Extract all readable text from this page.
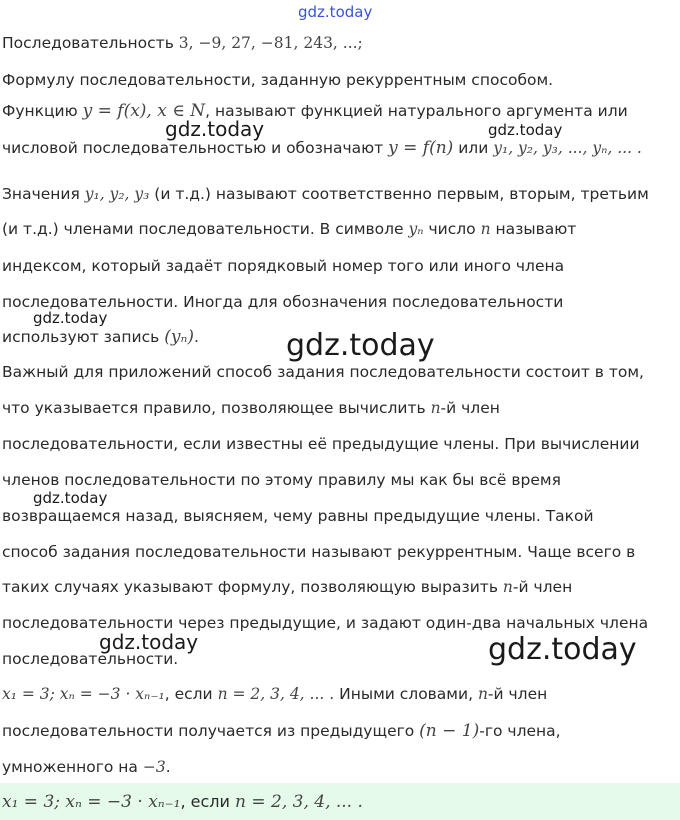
gdz.today
Последовательность 3, −9, 27, −81, 243, ...;
Формулу последовательности, заданную рекуррентным способом.
Функцию y = f(x), x ∈ N, называют функцией натурального аргумента или
gdz.today	gdz.today
числовой последовательностью и обозначают y = f(n) или y₁, y₂, y₃, ..., yₙ, ... .
Значения y₁, y₂, y₃ (и т.д.) называют соответственно первым, вторым, третьим
(и т.д.) членами последовательности. В символе yₙ число n называют
индексом, который задаёт порядковый номер того или иного члена
последовательности. Иногда для обозначения последовательности
gdz.today
используют запись (yₙ).	gdz.today
Важный для приложений способ задания последовательности состоит в том,
что указывается правило, позволяющее вычислить n-й член
последовательности, если известны её предыдущие члены. При вычислении
членов последовательности по этому правилу мы как бы всё время
gdz.today
возвращаемся назад, выясняем, чему равны предыдущие члены. Такой
способ задания последовательности называют рекуррентным. Чаще всего в
таких случаях указывают формулу, позволяющую выразить n-й член
последовательности через предыдущие, и задают один-два начальных члена
gdz.today	gdz.today
последовательности.
x₁ = 3; xₙ = −3 · xₙ₋₁, если n = 2, 3, 4, ... . Иными словами, n-й член
последовательности получается из предыдущего (n − 1)-го члена,
умноженного на −3.
x₁ = 3; xₙ = −3 · xₙ₋₁, если n = 2, 3, 4, ... .
